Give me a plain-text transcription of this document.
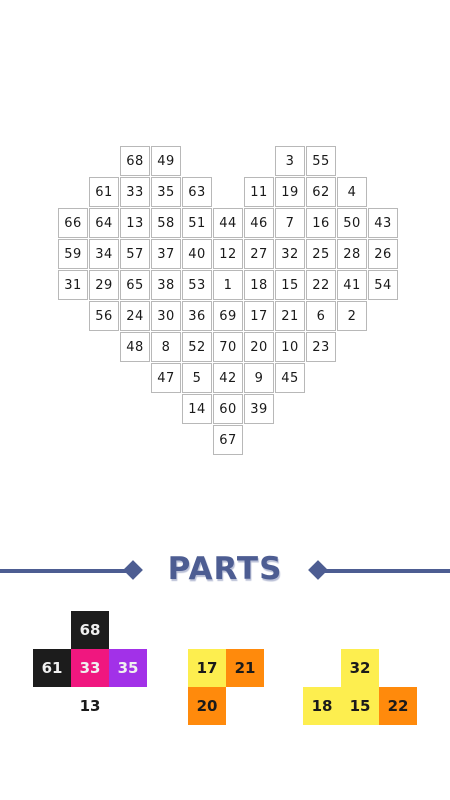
68	49	3	55
61	33	35	63	11	19	62	4
66	64	13	58	51	44	46	7	16	50	43
59	34	57	37	40	12	27	32	25	28	26
31	29	65	38	53	1	18	15	22	41	54
56	24	30	36	69	17	21	6	2
48	8	52	70	20	10	23
47	5	42	9	45
14	60	39
67
PARTS
68
61	33	35
13
17	21
20
32
18	15	22
